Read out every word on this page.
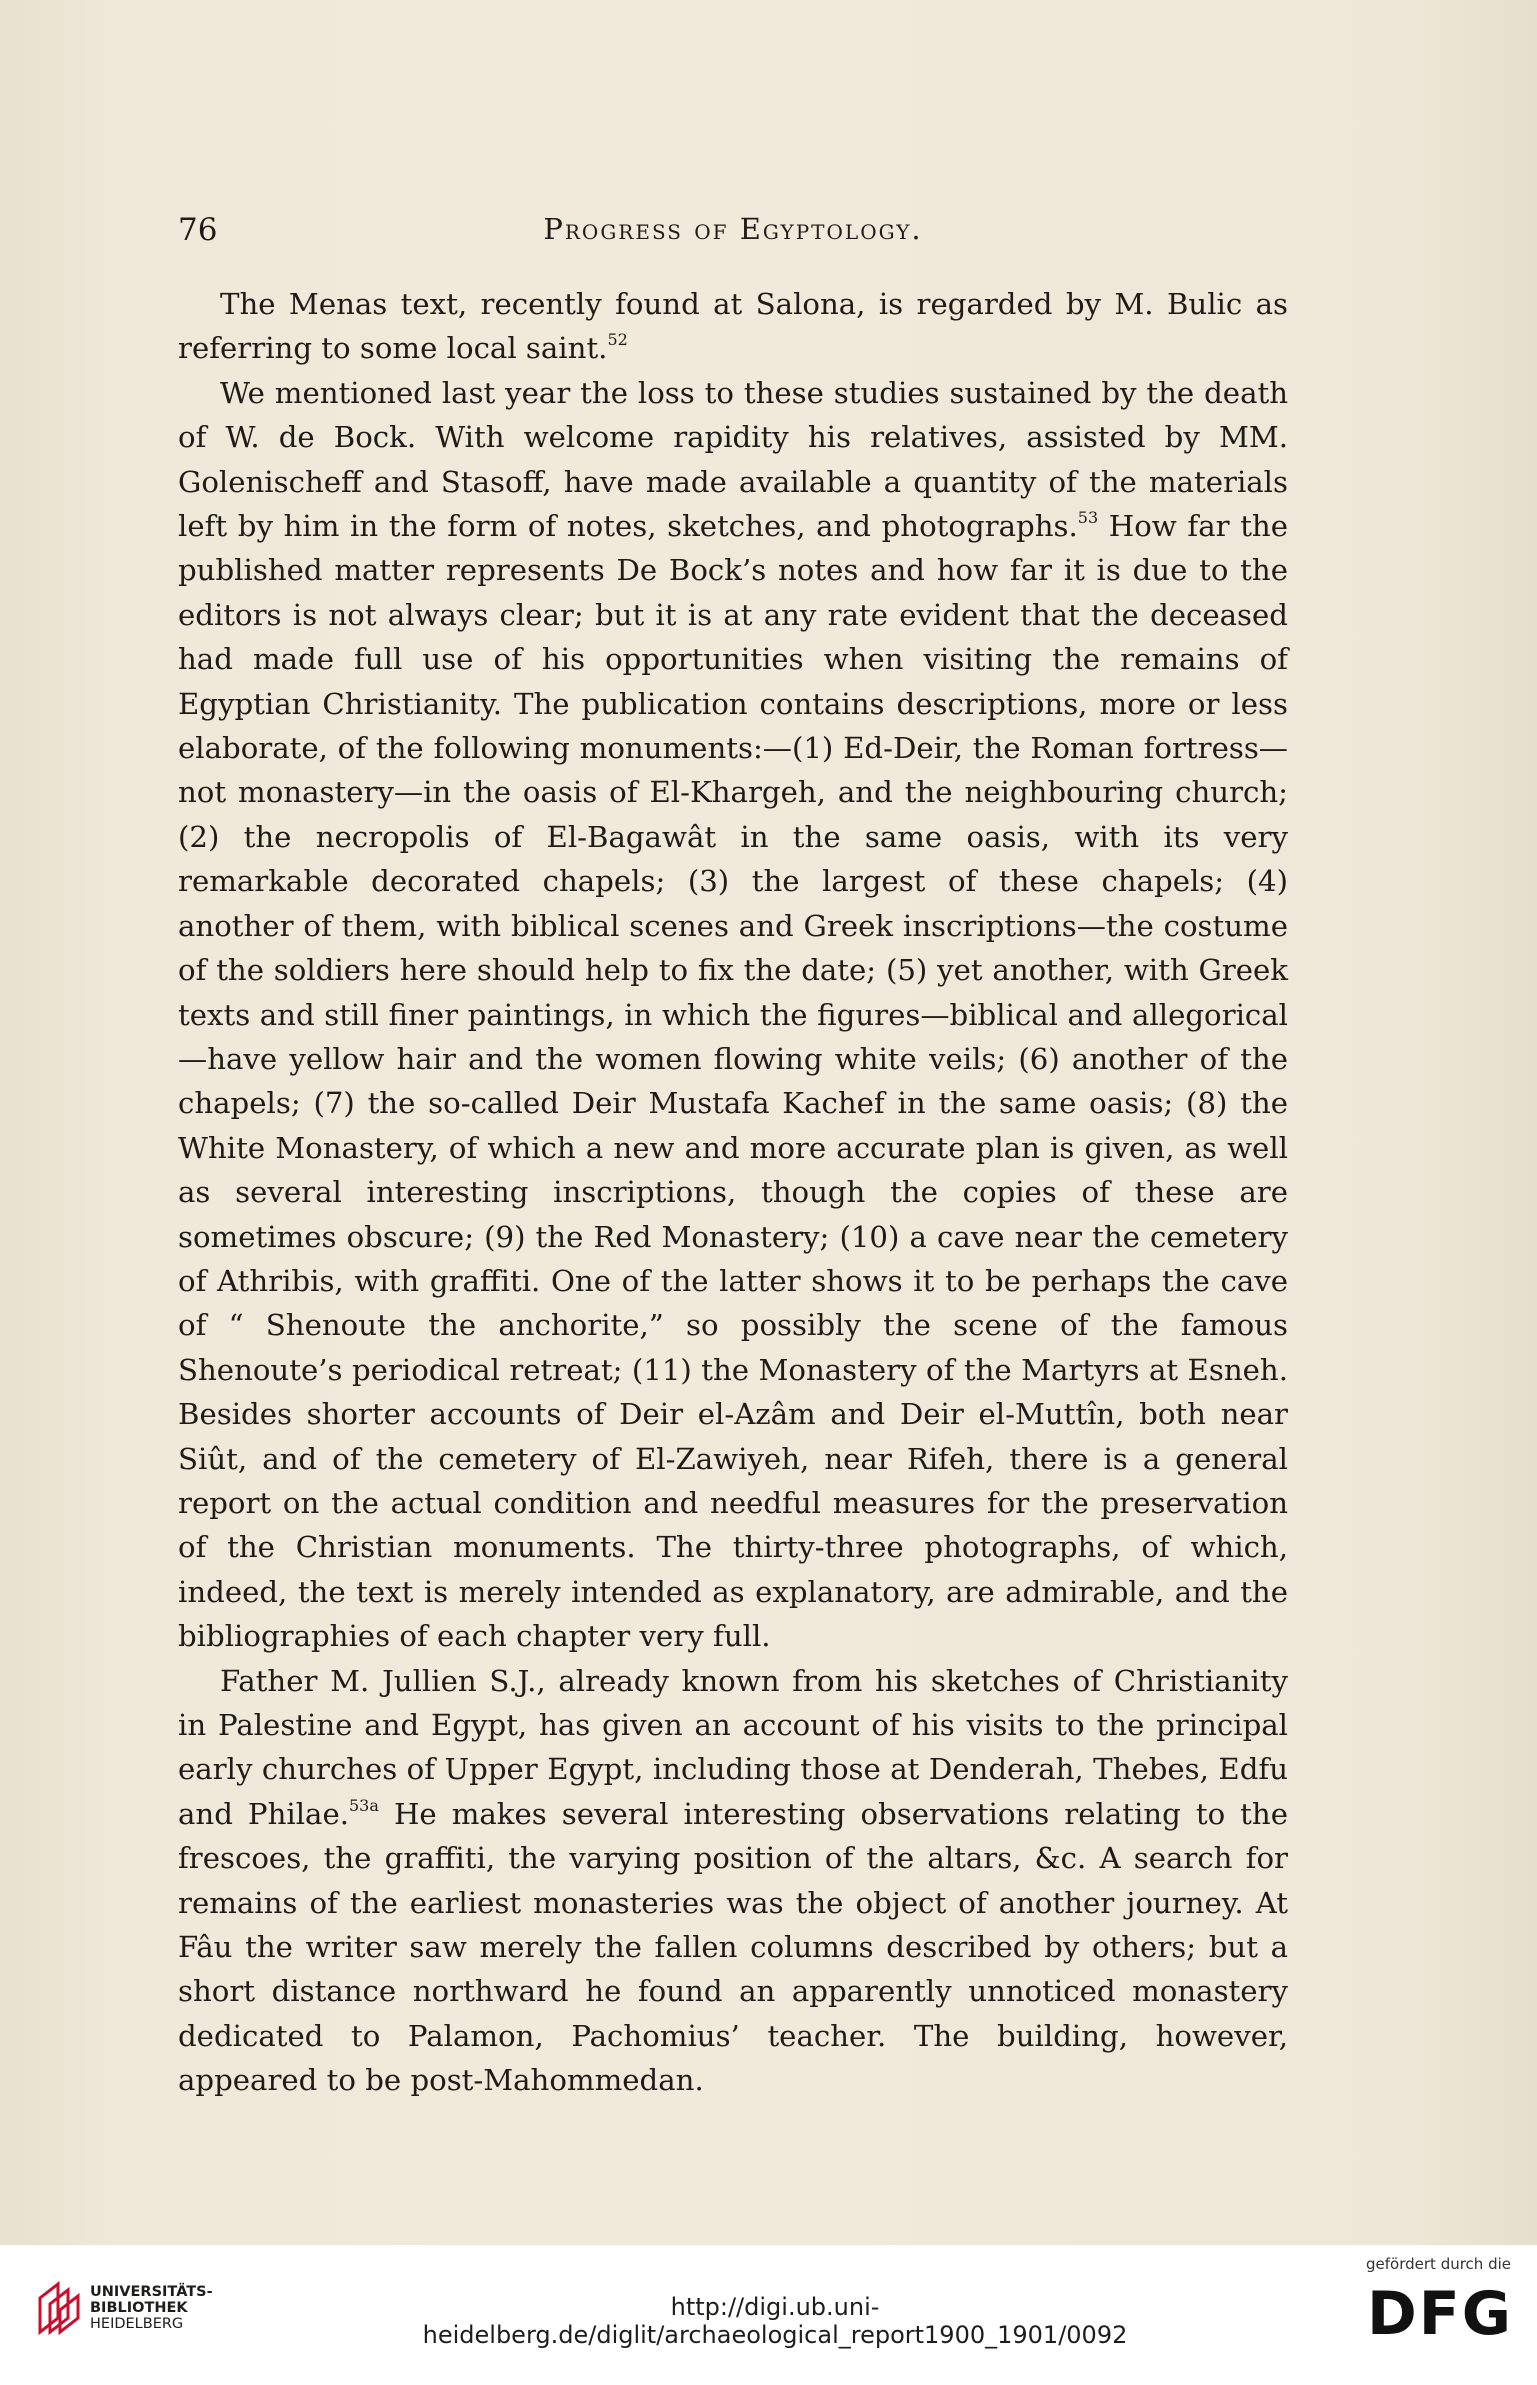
76	Progress of Egyptology.

The Menas text, recently found at Salona, is regarded by M. Bulic as referring to some local saint.$^{52}$

We mentioned last year the loss to these studies sustained by the death of W. de Bock. With welcome rapidity his relatives, assisted by MM. Golenischeff and Stasoff, have made available a quantity of the materials left by him in the form of notes, sketches, and photographs.$^{53}$ How far the published matter represents De Bock’s notes and how far it is due to the editors is not always clear; but it is at any rate evident that the deceased had made full use of his opportunities when visiting the remains of Egyptian Christianity. The publication contains descriptions, more or less elaborate, of the following monuments:—(1) Ed-Deir, the Roman fortress—not monastery—in the oasis of El-Khargeh, and the neighbouring church; (2) the necropolis of El-Bagawât in the same oasis, with its very remarkable decorated chapels; (3) the largest of these chapels; (4) another of them, with biblical scenes and Greek inscriptions—the costume of the soldiers here should help to fix the date; (5) yet another, with Greek texts and still finer paintings, in which the figures—biblical and allegorical—have yellow hair and the women flowing white veils; (6) another of the chapels; (7) the so-called Deir Mustafa Kachef in the same oasis; (8) the White Monastery, of which a new and more accurate plan is given, as well as several interesting inscriptions, though the copies of these are sometimes obscure; (9) the Red Monastery; (10) a cave near the cemetery of Athribis, with graffiti. One of the latter shows it to be perhaps the cave of “ Shenoute the anchorite,” so possibly the scene of the famous Shenoute’s periodical retreat; (11) the Monastery of the Martyrs at Esneh. Besides shorter accounts of Deir el-Azâm and Deir el-Muttîn, both near Siût, and of the cemetery of El-Zawiyeh, near Rifeh, there is a general report on the actual condition and needful measures for the preservation of the Christian monuments. The thirty-three photographs, of which, indeed, the text is merely intended as explanatory, are admirable, and the bibliographies of each chapter very full.

Father M. Jullien S.J., already known from his sketches of Christianity in Palestine and Egypt, has given an account of his visits to the principal early churches of Upper Egypt, including those at Denderah, Thebes, Edfu and Philae.$^{53a}$ He makes several interesting observations relating to the frescoes, the graffiti, the varying position of the altars, &c. A search for remains of the earliest monasteries was the object of another journey. At Fâu the writer saw merely the fallen columns described by others; but a short distance northward he found an apparently unnoticed monastery dedicated to Palamon, Pachomius’ teacher. The building, however, appeared to be post-Mahommedan.

UNIVERSITÄTS-
BIBLIOTHEK
HEIDELBERG
http://digi.ub.uni-heidelberg.de/diglit/archaeological_report1900_1901/0092
gefördert durch die
DFG
